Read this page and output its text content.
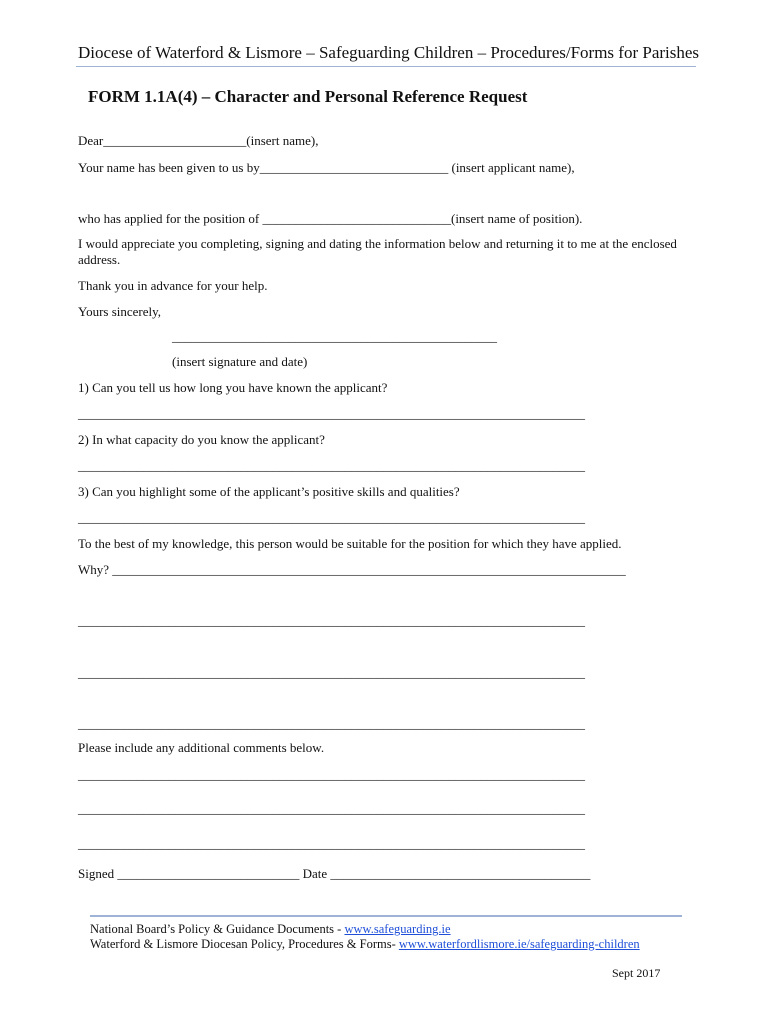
Diocese of Waterford & Lismore – Safeguarding Children – Procedures/Forms for Parishes
FORM 1.1A(4) – Character and Personal Reference Request
Dear______________________(insert name),
Your name has been given to us by_____________________________ (insert applicant name),
who has applied for the position of _____________________________(insert name of position).
I would appreciate you completing, signing and dating the information below and returning it to me at the enclosed address.
Thank you in advance for your help.
Yours sincerely,
__________________________________________________
(insert signature and date)
1) Can you tell us how long you have known the applicant?
______________________________________________________________________________
2) In what capacity do you know the applicant?
______________________________________________________________________________
3) Can you highlight some of the applicant’s positive skills and qualities?
______________________________________________________________________________
To the best of my knowledge, this person would be suitable for the position for which they have applied.
Why? _______________________________________________________________________________
______________________________________________________________________________
______________________________________________________________________________
______________________________________________________________________________
Please include any additional comments below.
______________________________________________________________________________
______________________________________________________________________________
______________________________________________________________________________
Signed ____________________________ Date ________________________________________
National Board’s Policy & Guidance Documents - www.safeguarding.ie
Waterford & Lismore Diocesan Policy, Procedures & Forms- www.waterfordlismore.ie/safeguarding-children
Sept 2017
